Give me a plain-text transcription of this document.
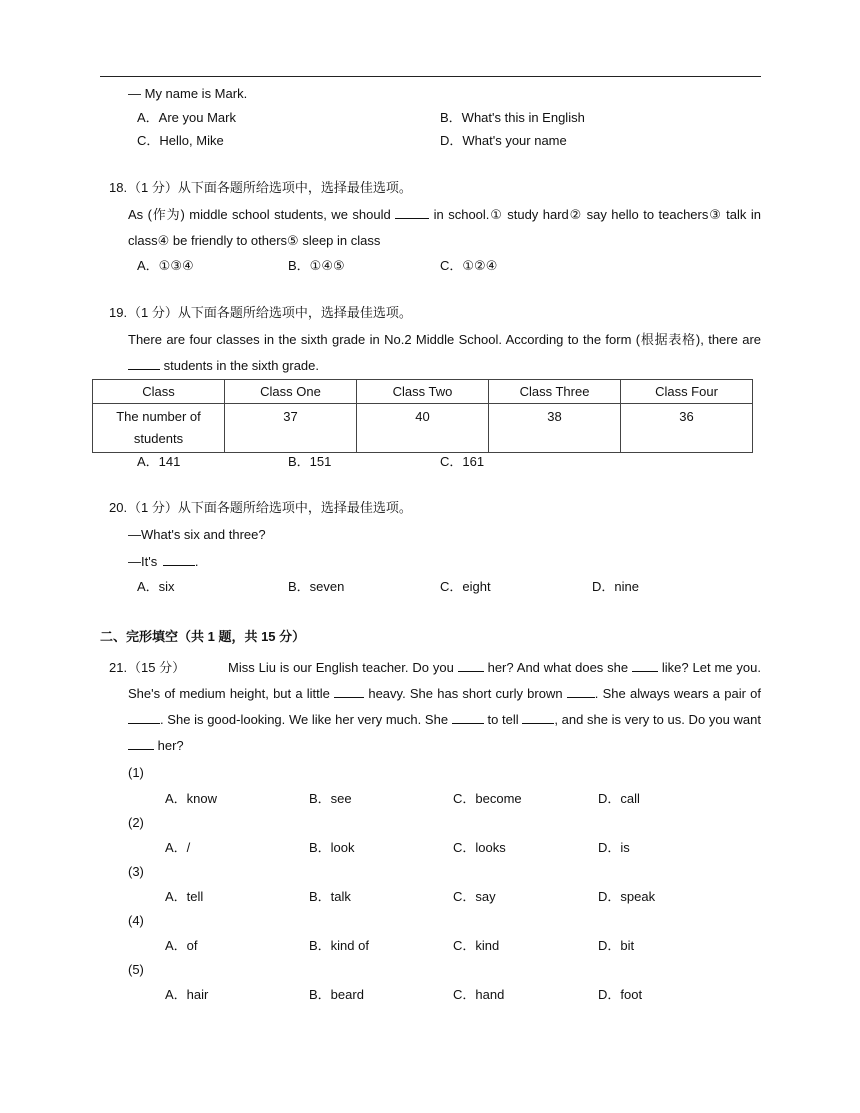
— My name is Mark.
A．Are you Mark	B．What's this in English
C．Hello, Mike	D．What's your name
18. （1 分）从下面各题所给选项中，选择最佳选项。
As (作为) middle school students, we should	in school.① study hard② say hello to teachers③ talk in class④ be friendly to others⑤ sleep in class
A．①③④	B．①④⑤	C．①②④
19. （1 分）从下面各题所给选项中，选择最佳选项。
There are four classes in the sixth grade in No.2 Middle School. According to the form (根据表格), there are  students in the sixth grade.
Class	Class One	Class Two	Class Three	Class Four
The number of students	37	40	38	36
A．141	B．151	C．161
20. （1 分）从下面各题所给选项中，选择最佳选项。
—What's six and three?
—It's	.
A．six	B．seven	C．eight	D．nine
二、完形填空（共 1 题，共 15 分）
21. （15 分）	Miss Liu is our English teacher. Do you	her? And what does she	like? Let me you. She's of medium height, but a little	heavy. She has short curly brown . She always wears a pair of . She is good-looking. We like her very much. She	to tell	, and she is very to us. Do you want  her?
(1)
A．know	B．see	C．become	D．call
(2)
A．/	B．look	C．looks	D．is
(3)
A．tell	B．talk	C．say	D．speak
(4)
A．of	B．kind of	C．kind	D．bit
(5)
A．hair	B．beard	C．hand	D．foot
